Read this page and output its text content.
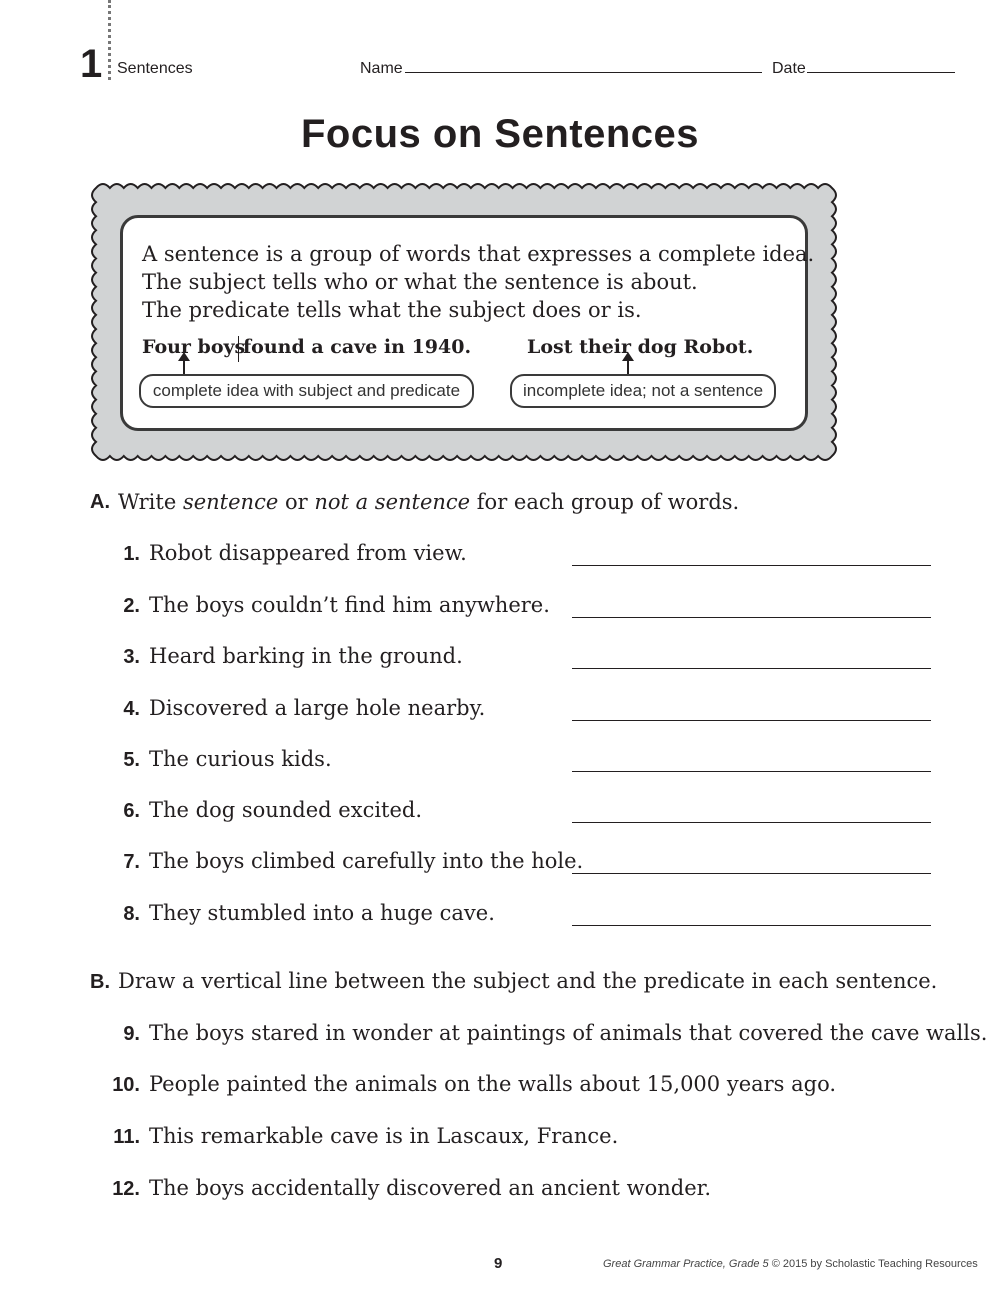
1 Sentences	Name	Date
Focus on Sentences
A sentence is a group of words that expresses a complete idea.
The subject tells who or what the sentence is about.
The predicate tells what the subject does or is.
Four boys
found a cave in 1940.	Lost their dog Robot.
complete idea with subject and predicate	incomplete idea; not a sentence
A. Write sentence or not a sentence for each group of words.
1. Robot disappeared from view.
2. The boys couldn’t find him anywhere.
3. Heard barking in the ground.
4. Discovered a large hole nearby.
5. The curious kids.
6. The dog sounded excited.
7. The boys climbed carefully into the hole.
8. They stumbled into a huge cave.
B. Draw a vertical line between the subject and the predicate in each sentence.
9. The boys stared in wonder at paintings of animals that covered the cave walls.
10. People painted the animals on the walls about 15,000 years ago.
11. This remarkable cave is in Lascaux, France.
12. The boys accidentally discovered an ancient wonder.
9	Great Grammar Practice, Grade 5 © 2015 by Scholastic Teaching Resources
